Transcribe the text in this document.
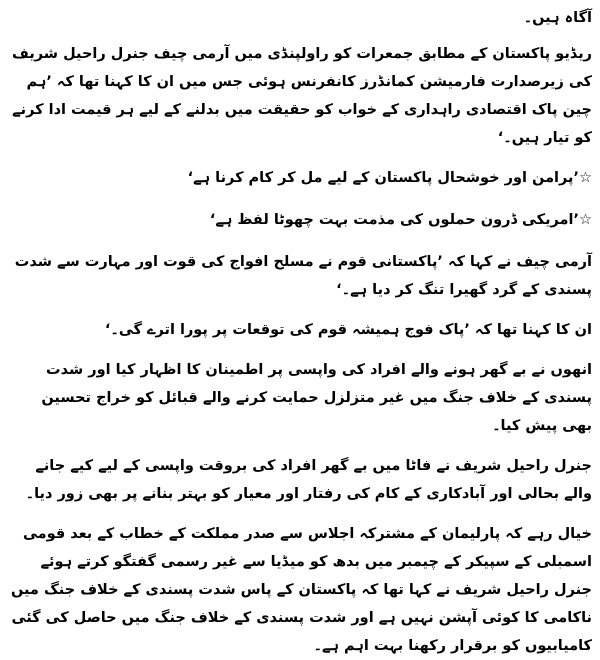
آگاہ ہیں۔

ریڈیو پاکستان کے مطابق جمعرات کو راولپنڈی میں آرمی چیف جنرل راحیل شریف کی زیرصدارت فارمیشن کمانڈرز کانفرنس ہوئی جس میں ان کا کہنا تھا کہ ’ہم چین پاک اقتصادی راہداری کے خواب کو حقیقت میں بدلنے کے لیے ہر قیمت ادا کرنے کو تیار ہیں۔‘

☆’پرامن اور خوشحال پاکستان کے لیے مل کر کام کرنا ہے‘

☆’امریکی ڈرون حملوں کی مذمت بہت چھوٹا لفظ ہے‘

آرمی چیف نے کہا کہ ’پاکستانی قوم نے مسلح افواج کی قوت اور مہارت سے شدت پسندی کے گرد گھیرا تنگ کر دیا ہے۔‘

ان کا کہنا تھا کہ ’پاک فوج ہمیشہ قوم کی توقعات پر پورا اترے گی۔‘

انھوں نے بے گھر ہونے والے افراد کی واپسی پر اطمینان کا اظہار کیا اور شدت پسندی کے خلاف جنگ میں غیر متزلزل حمایت کرنے والے قبائل کو خراج تحسین بھی پیش کیا۔

جنرل راحیل شریف نے فاٹا میں بے گھر افراد کی بروقت واپسی کے لیے کیے جانے والے بحالی اور آبادکاری کے کام کی رفتار اور معیار کو بہتر بنانے پر بھی زور دیا۔

خیال رہے کہ پارلیمان کے مشترکہ اجلاس سے صدر مملکت کے خطاب کے بعد قومی اسمبلی کے سپیکر کے چیمبر میں بدھ کو میڈیا سے غیر رسمی گفتگو کرتے ہوئے جنرل راحیل شریف نے کہا تھا کہ پاکستان کے پاس شدت پسندی کے خلاف جنگ میں ناکامی کا کوئی آپشن نہیں ہے اور شدت پسندی کے خلاف جنگ میں حاصل کی گئی کامیابیوں کو برقرار رکھنا بہت اہم ہے۔
